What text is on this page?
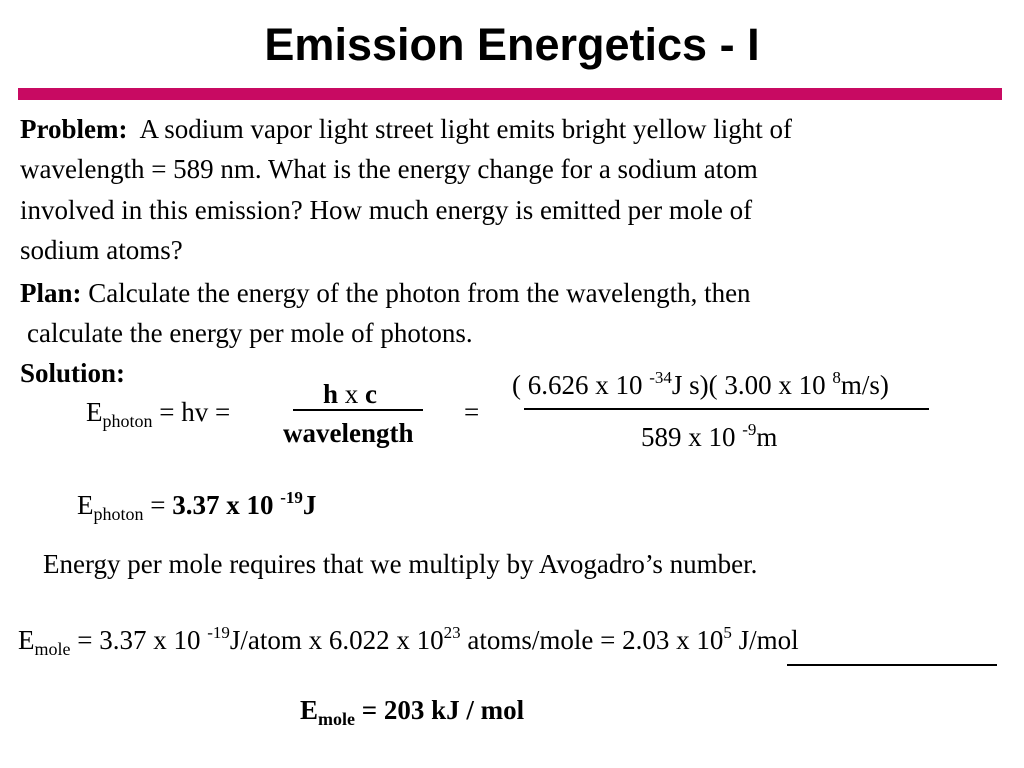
Emission Energetics - I
Problem: A sodium vapor light street light emits bright yellow light of
wavelength = 589 nm. What is the energy change for a sodium atom
involved in this emission? How much energy is emitted per mole of
sodium atoms?
Plan: Calculate the energy of the photon from the wavelength, then
calculate the energy per mole of photons.
Solution:
$E_{photon}$ = hv =
h x c
wavelength
=
( 6.626 x 10 $^{-34}$J s)( 3.00 x 10 $^8$m/s)
589 x 10 $^{-9}$m
$E_{photon} = 3.37$ x 10 $^{-19}$J
Energy per mole requires that we multiply by Avogadro’s number.
$E_{mole} = 3.37$ x 10 $^{-19}$J/atom x 6.022 x $10^{23}$ atoms/mole = 2.03 x $10^5$ J/mol
$E_{mole} = 203$ kJ / mol
